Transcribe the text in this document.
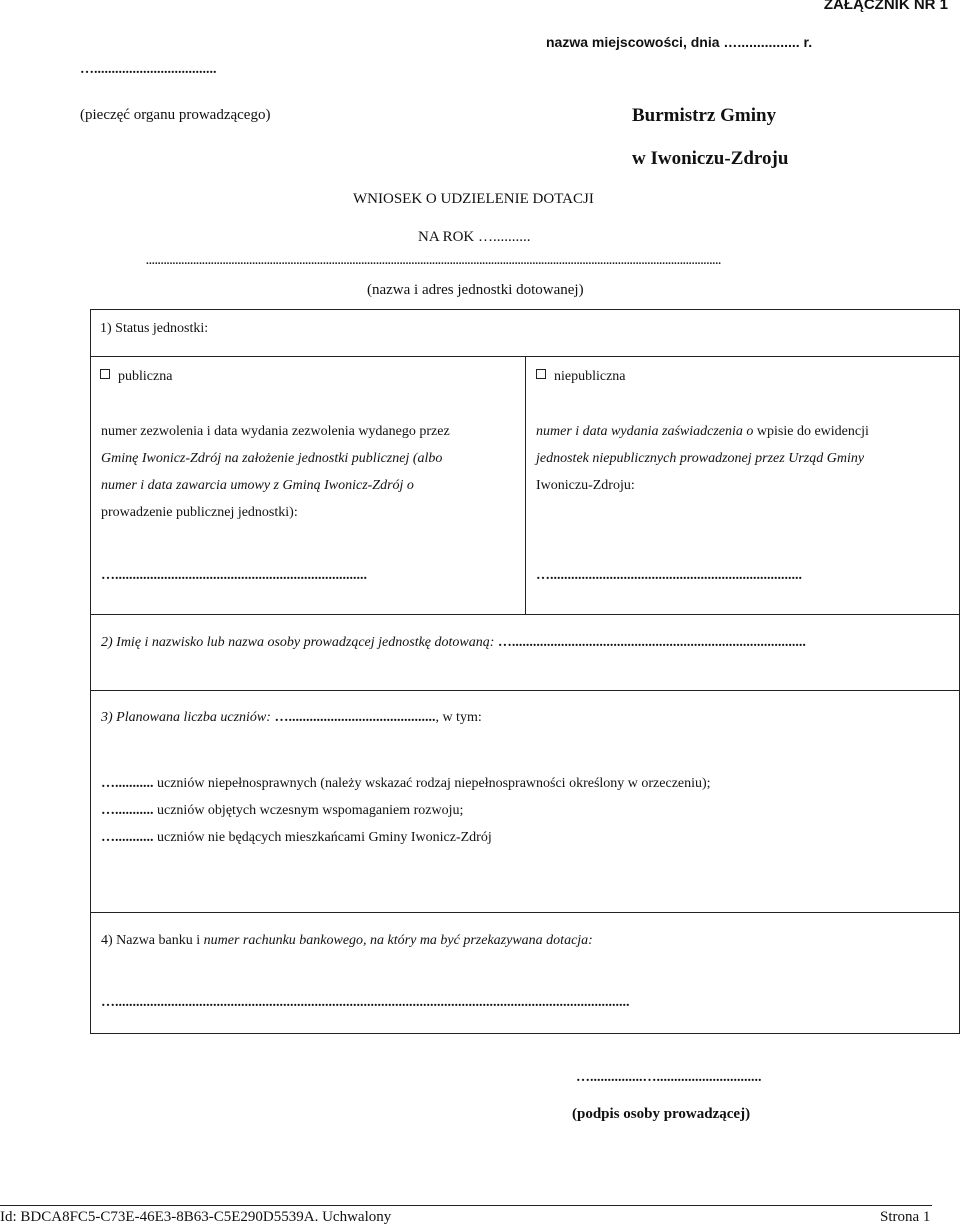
ZAŁĄCZNIK NR 1
nazwa miejscowości, dnia …................ r.
…...................................
(pieczęć organu prowadzącego)	Burmistrz Gminy
w Iwoniczu-Zdroju
WNIOSEK O UDZIELENIE DOTACJI
NA ROK …..........
...................................................................................................................................................................................................
(nazwa i adres jednostki dotowanej)
1) Status jednostki:
publiczna	niepubliczna
numer zezwolenia i data wydania zezwolenia wydanego przez
Gminę Iwonicz-Zdrój na założenie jednostki publicznej (albo
numer i data zawarcia umowy z Gminą Iwonicz-Zdrój o
prowadzenie publicznej jednostki):
numer i data wydania zaświadczenia o wpisie do ewidencji
jednostek niepublicznych prowadzonej przez Urząd Gminy
Iwoniczu-Zdroju:
…........................................................................	…........................................................................
2) Imię i nazwisko lub nazwa osoby prowadzącej jednostkę dotowaną: …....................................................................................
3) Planowana liczba uczniów: ….........................................., w tym:
…........... uczniów niepełnosprawnych (należy wskazać rodzaj niepełnosprawności określony w orzeczeniu);
…........... uczniów objętych wczesnym wspomaganiem rozwoju;
…........... uczniów nie będących mieszkańcami Gminy Iwonicz-Zdrój
4) Nazwa banku i numer rachunku bankowego, na który ma być przekazywana dotacja:
…...................................................................................................................................................
…...............…..............................
(podpis osoby prowadzącej)
Id: BDCA8FC5-C73E-46E3-8B63-C5E290D5539A. Uchwalony	Strona 1
